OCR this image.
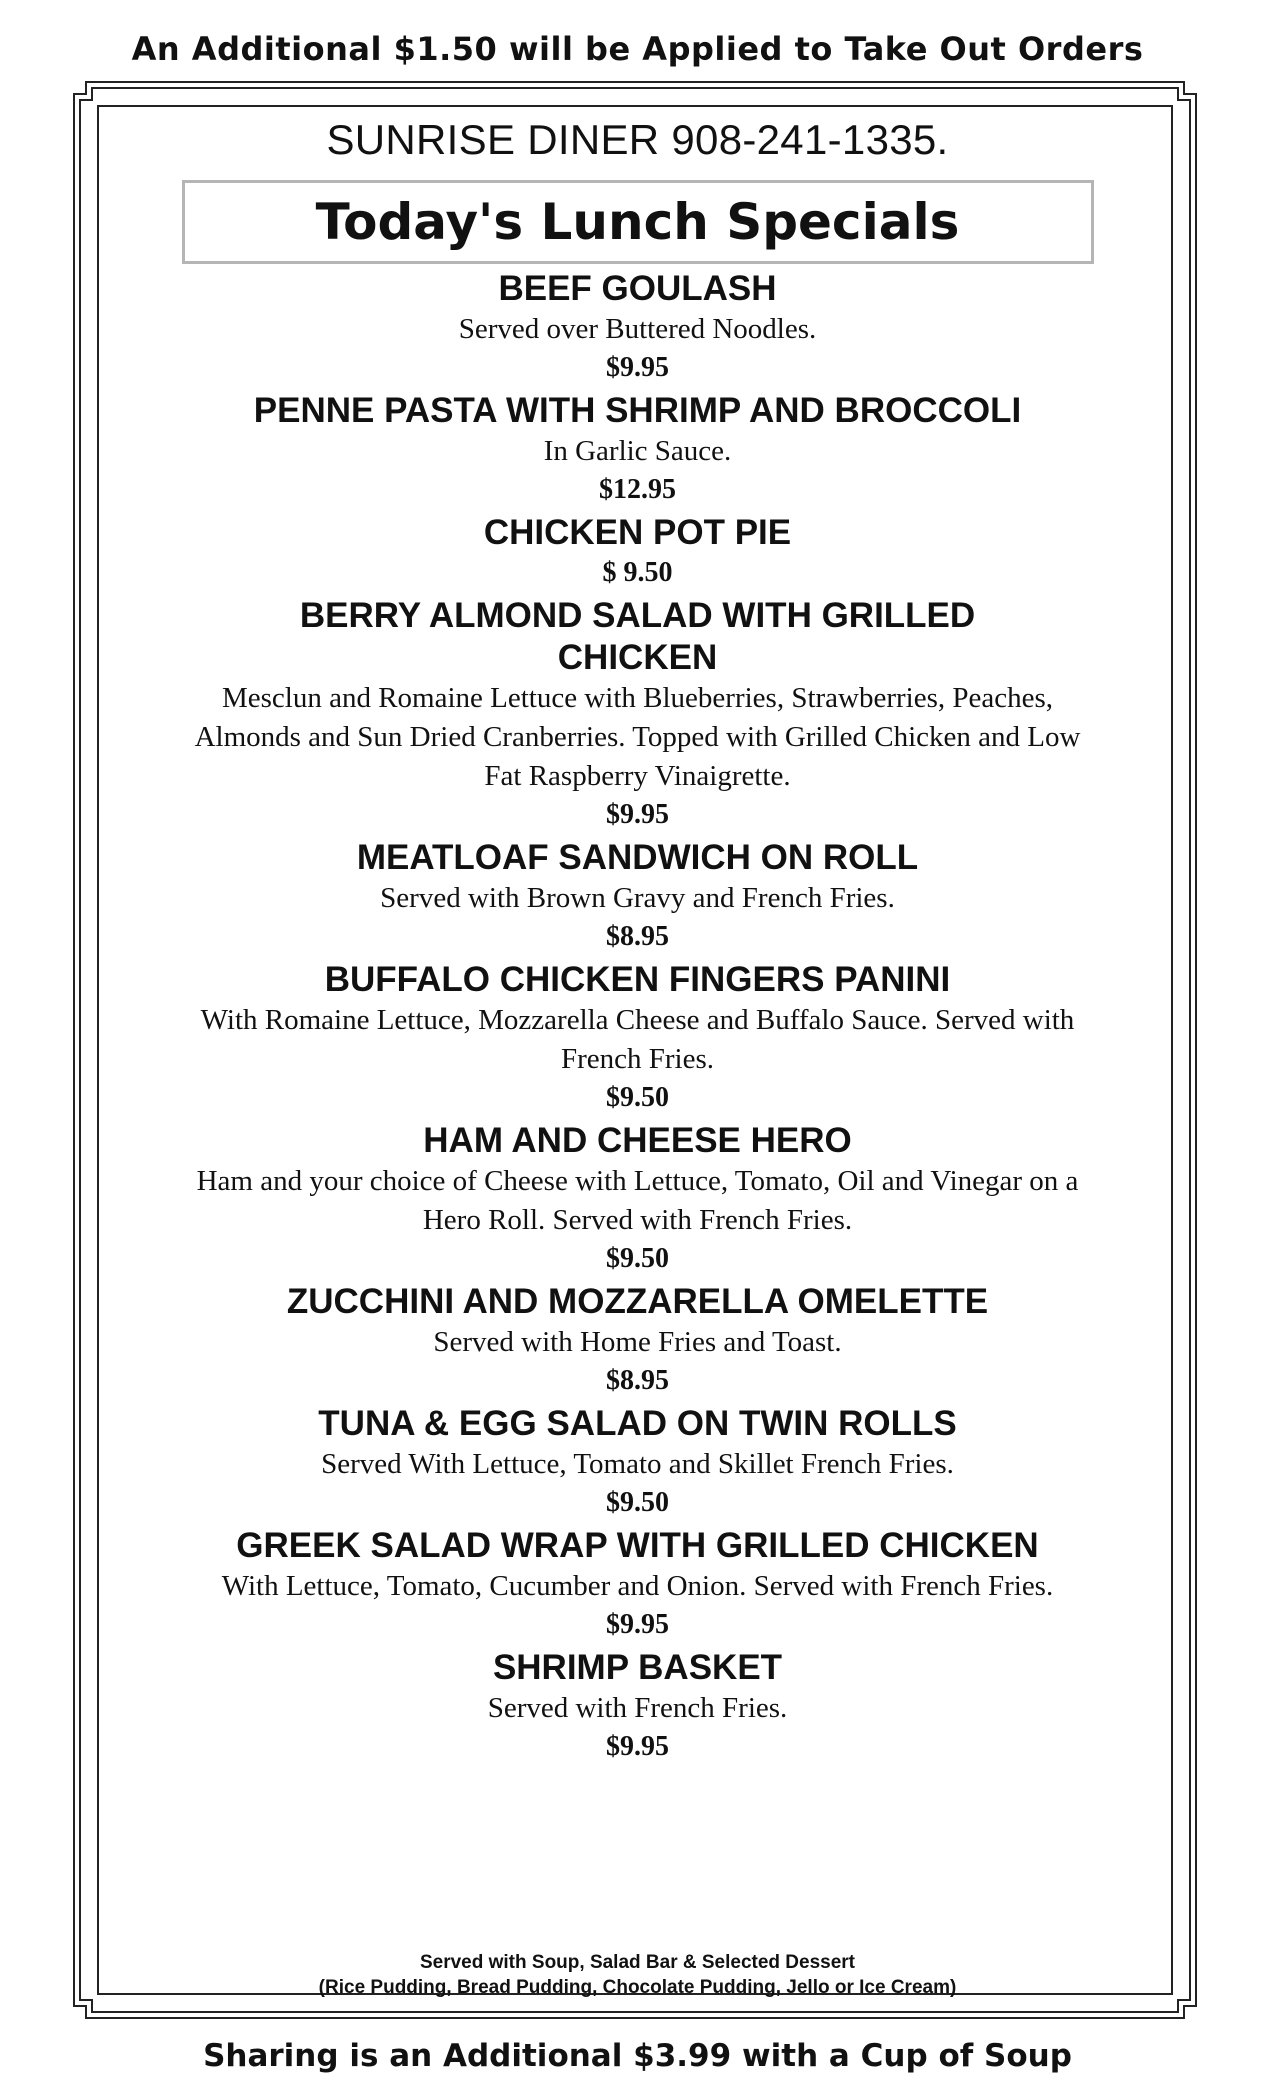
An Additional $1.50 will be Applied to Take Out Orders
SUNRISE DINER 908-241-1335.
Today's Lunch Specials
BEEF GOULASH
Served over Buttered Noodles.
$9.95
PENNE PASTA WITH SHRIMP AND BROCCOLI
In Garlic Sauce.
$12.95
CHICKEN POT PIE
$ 9.50
BERRY ALMOND SALAD WITH GRILLED CHICKEN
Mesclun and Romaine Lettuce with Blueberries, Strawberries, Peaches, Almonds and Sun Dried Cranberries. Topped with Grilled Chicken and Low Fat Raspberry Vinaigrette.
$9.95
MEATLOAF SANDWICH ON ROLL
Served with Brown Gravy and French Fries.
$8.95
BUFFALO CHICKEN FINGERS PANINI
With Romaine Lettuce, Mozzarella Cheese and Buffalo Sauce. Served with French Fries.
$9.50
HAM AND CHEESE HERO
Ham and your choice of Cheese with Lettuce, Tomato, Oil and Vinegar on a Hero Roll. Served with French Fries.
$9.50
ZUCCHINI AND MOZZARELLA OMELETTE
Served with Home Fries and Toast.
$8.95
TUNA & EGG SALAD ON TWIN ROLLS
Served With Lettuce, Tomato and Skillet French Fries.
$9.50
GREEK SALAD WRAP WITH GRILLED CHICKEN
With Lettuce, Tomato, Cucumber and Onion. Served with French Fries.
$9.95
SHRIMP BASKET
Served with French Fries.
$9.95
Served with Soup, Salad Bar & Selected Dessert
(Rice Pudding, Bread Pudding, Chocolate Pudding, Jello or Ice Cream)
Sharing is an Additional $3.99 with a Cup of Soup
